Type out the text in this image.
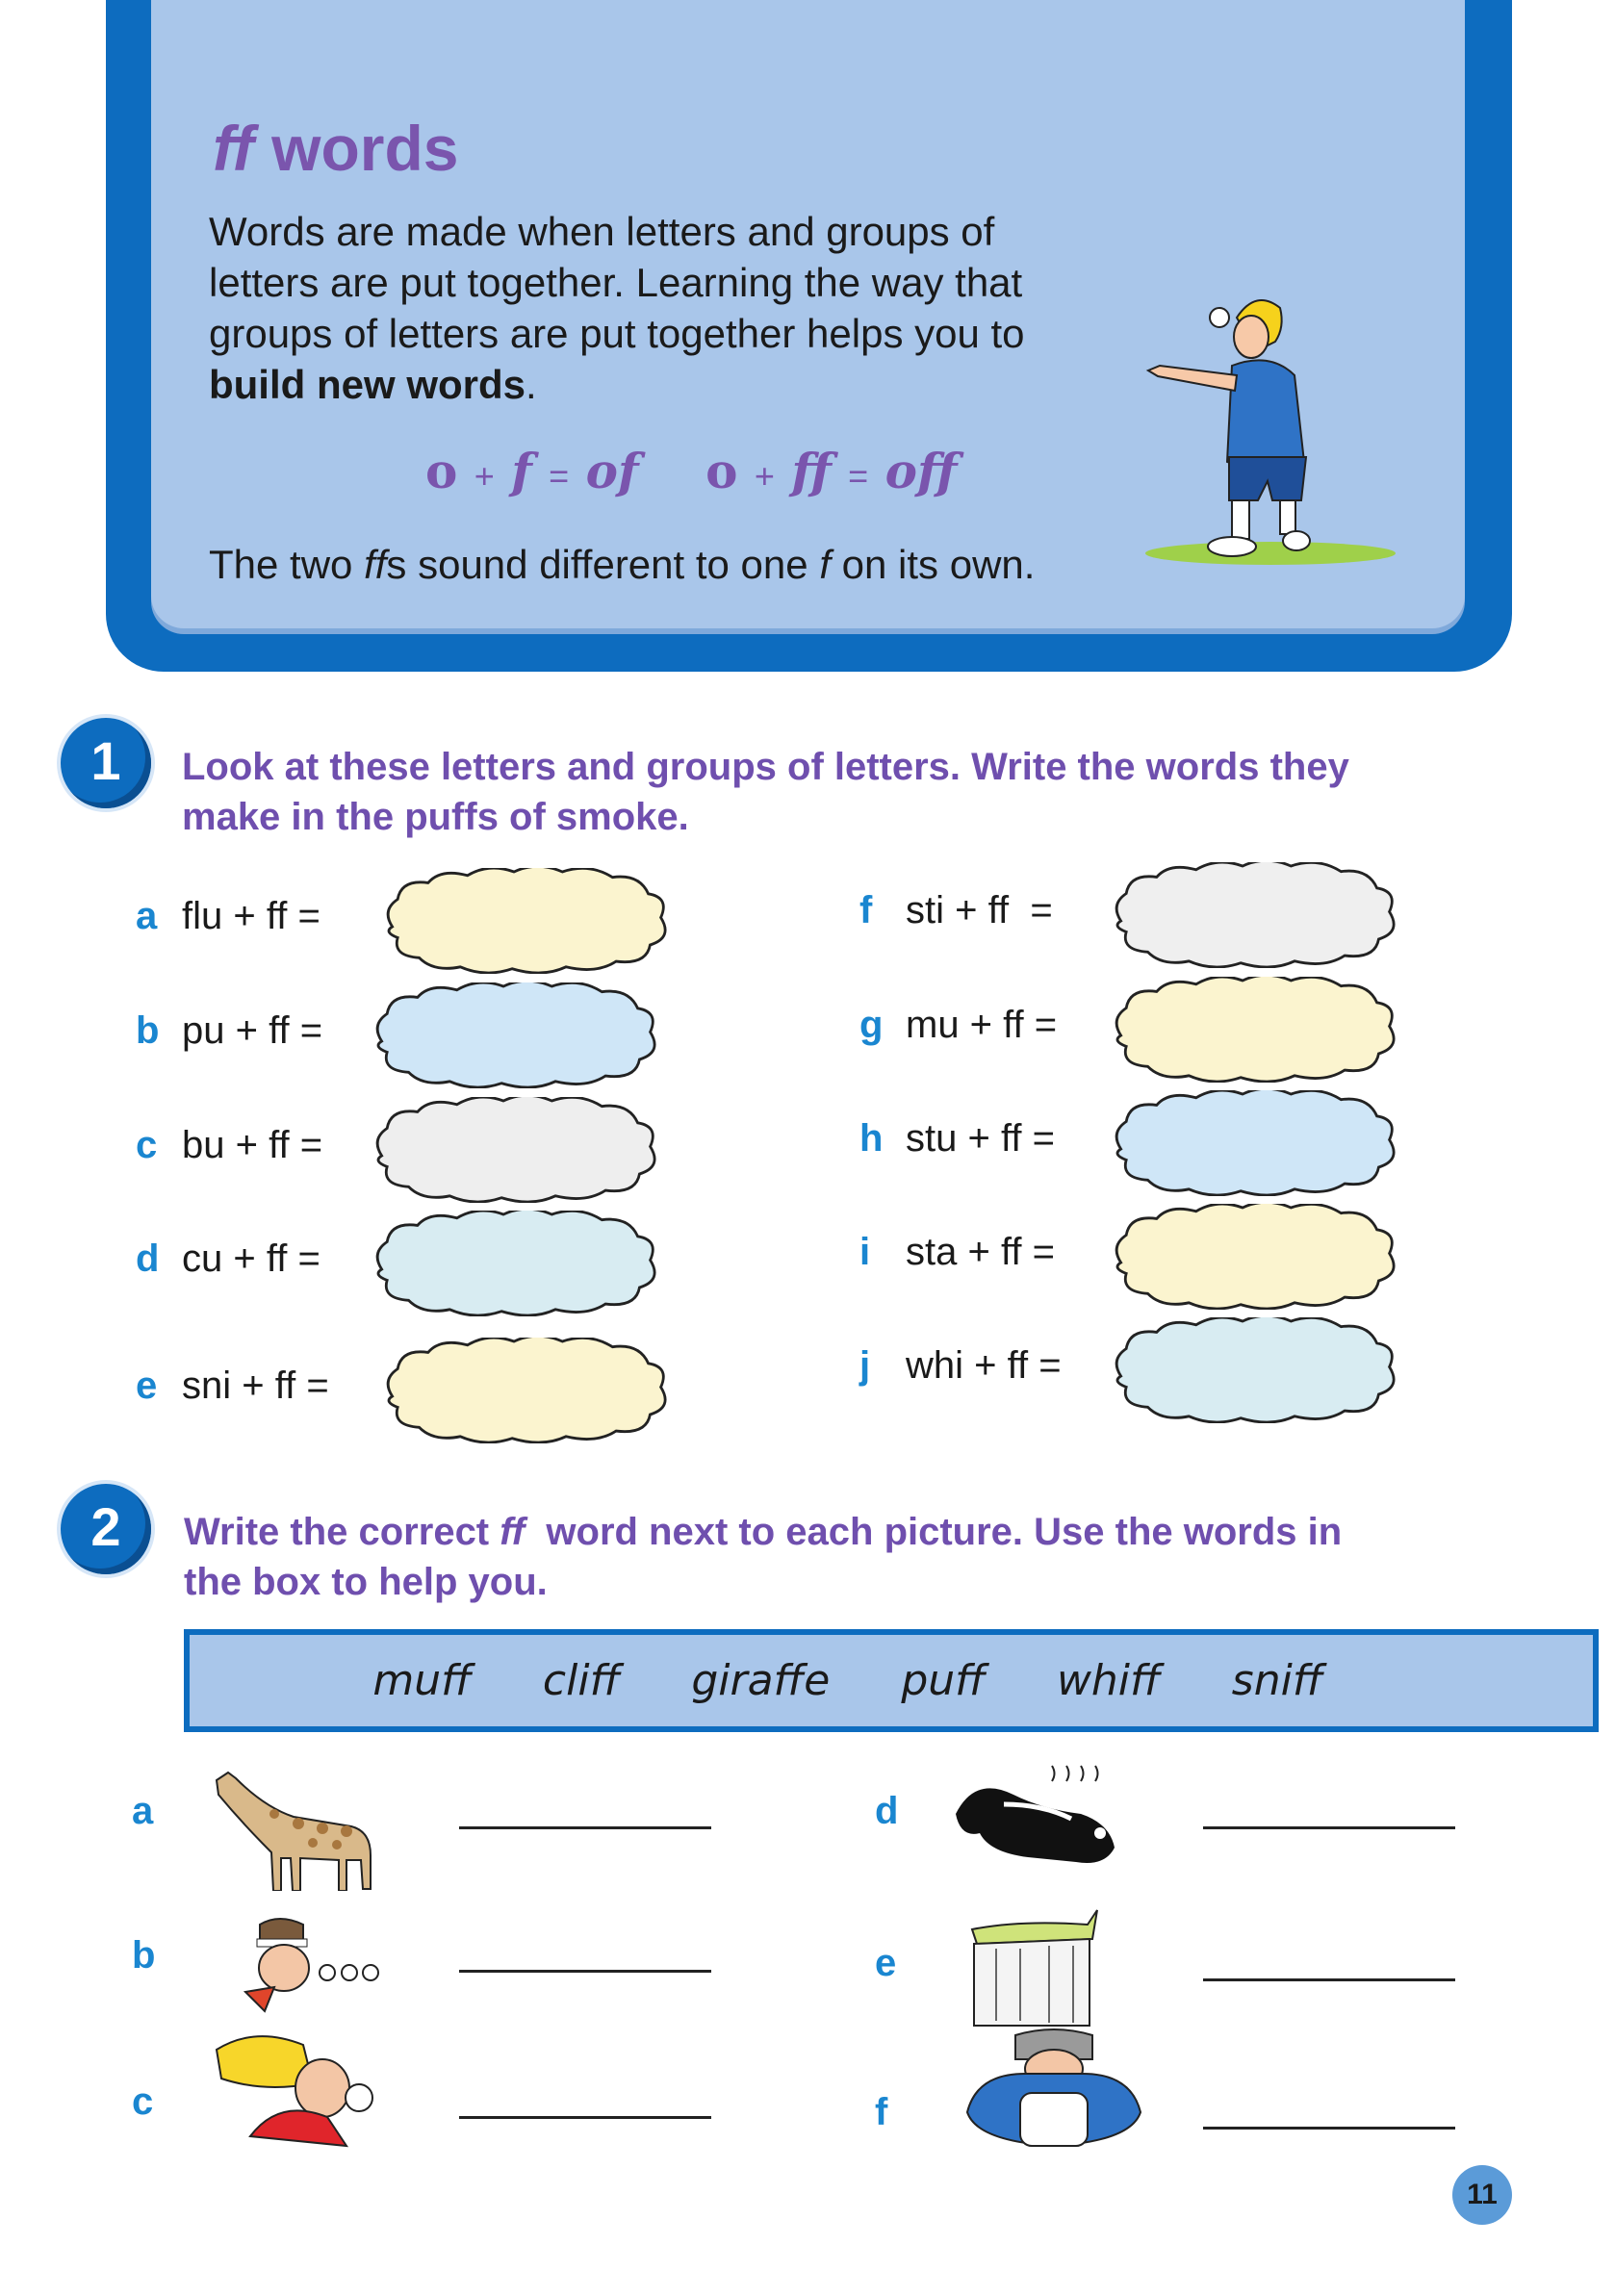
ff words
Words are made when letters and groups of
letters are put together. Learning the way that
groups of letters are put together helps you to
build new words.
o + f = of o + ff = off
The two ffs sound different to one f on its own.
1	Look at these letters and groups of letters. Write the words they
make in the puffs of smoke.
a flu + ff =
b pu + ff =
c bu + ff =
d cu + ff =
e sni + ff =
f sti + ff  =
g mu + ff =
h stu + ff =
i sta + ff =
j whi + ff =
2	Write the correct ff  word next to each picture. Use the words in
the box to help you.
muff cliff giraffe puff whiff sniff
a
b
c
d
e
f
11
